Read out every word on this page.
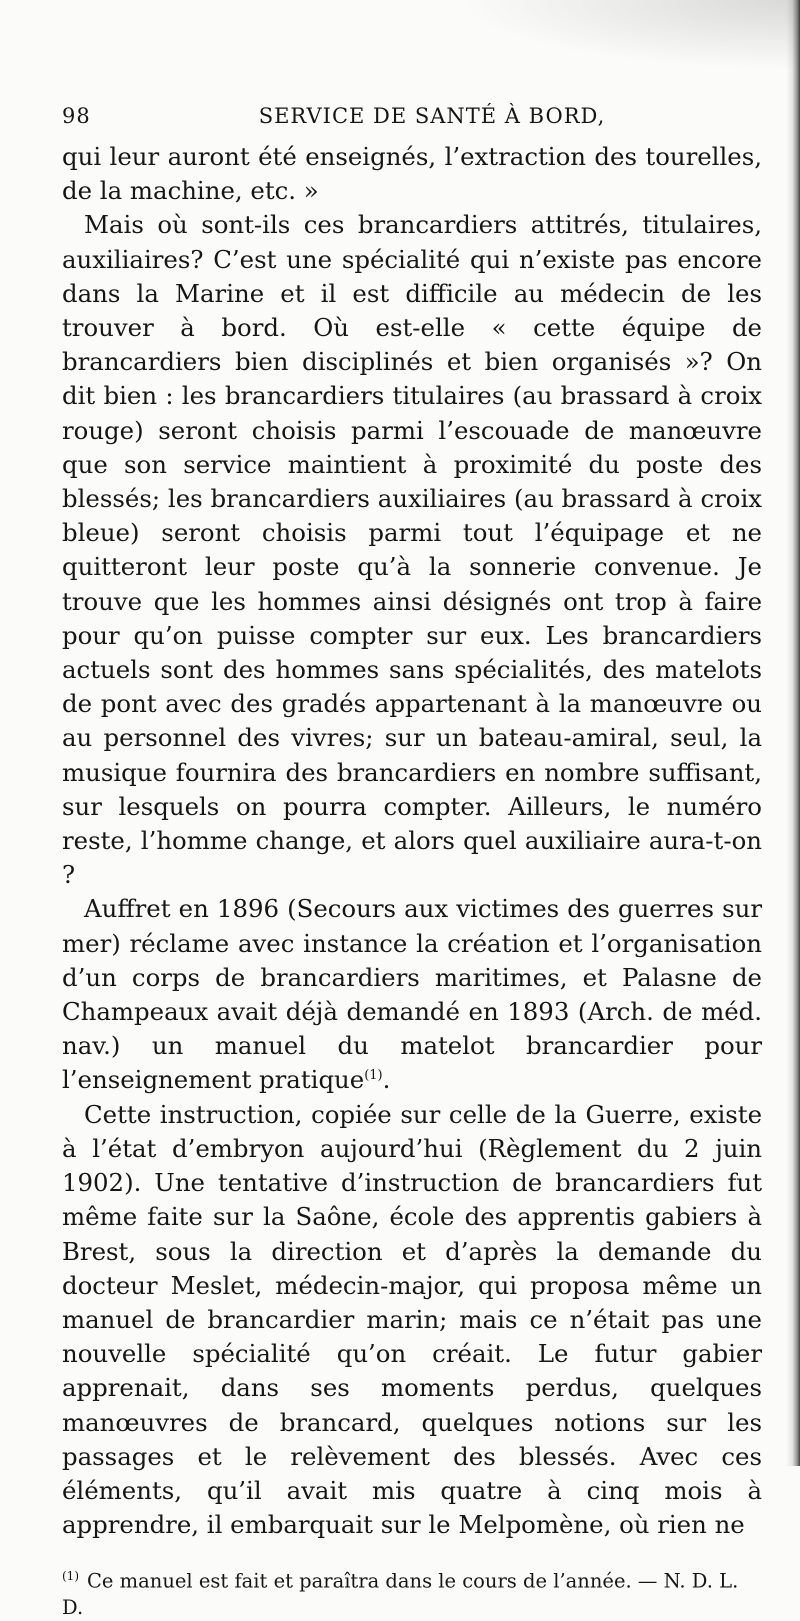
98	SERVICE DE SANTÉ À BORD,

qui leur auront été enseignés, l’extraction des tourelles, de la machine, etc. »

Mais où sont-ils ces brancardiers attitrés, titulaires, auxiliaires? C’est une spécialité qui n’existe pas encore dans la Marine et il est difficile au médecin de les trouver à bord. Où est-elle « cette équipe de brancardiers bien disciplinés et bien organisés »? On dit bien : les brancardiers titulaires (au brassard à croix rouge) seront choisis parmi l’escouade de manœuvre que son service maintient à proximité du poste des blessés; les brancardiers auxiliaires (au brassard à croix bleue) seront choisis parmi tout l’équipage et ne quitteront leur poste qu’à la sonnerie convenue. Je trouve que les hommes ainsi désignés ont trop à faire pour qu’on puisse compter sur eux. Les brancardiers actuels sont des hommes sans spécialités, des matelots de pont avec des gradés appartenant à la manœuvre ou au personnel des vivres; sur un bateau-amiral, seul, la musique fournira des brancardiers en nombre suffisant, sur lesquels on pourra compter. Ailleurs, le numéro reste, l’homme change, et alors quel auxiliaire aura-t-on ?

Auffret en 1896 (Secours aux victimes des guerres sur mer) réclame avec instance la création et l’organisation d’un corps de brancardiers maritimes, et Palasne de Champeaux avait déjà demandé en 1893 (Arch. de méd. nav.) un manuel du matelot brancardier pour l’enseignement pratique$^{(1)}$.

Cette instruction, copiée sur celle de la Guerre, existe à l’état d’embryon aujourd’hui (Règlement du 2 juin 1902). Une tentative d’instruction de brancardiers fut même faite sur la Saône, école des apprentis gabiers à Brest, sous la direction et d’après la demande du docteur Meslet, médecin-major, qui proposa même un manuel de brancardier marin; mais ce n’était pas une nouvelle spécialité qu’on créait. Le futur gabier apprenait, dans ses moments perdus, quelques manœuvres de brancard, quelques notions sur les passages et le relèvement des blessés. Avec ces éléments, qu’il avait mis quatre à cinq mois à apprendre, il embarquait sur le Melpomène, où rien ne

$^{(1)}$ Ce manuel est fait et paraîtra dans le cours de l’année. — N. D. L. D.
